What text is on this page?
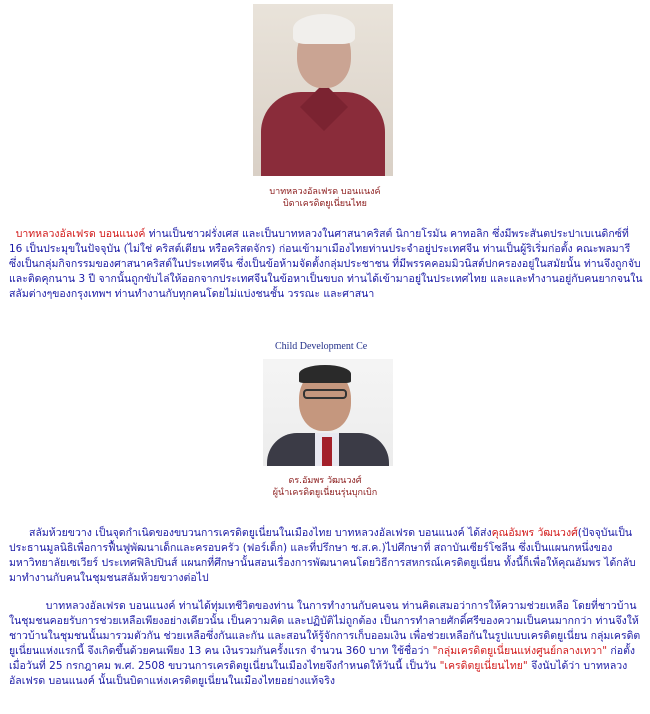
บาทหลวงอัลเฟรด บอนแนงค์
บิดาเครดิตยูเนี่ยนไทย
บาทหลวงอัลเฟรด บอนแนงค์ ท่านเป็นชาวฝรั่งเศส และเป็นบาทหลวงในศาสนาคริสต์ นิกายโรมัน คาทอลิก ซึ่งมีพระสันตประปาเบเนดิกซ์ที่ 16 เป็นประมุขในปัจจุบัน (ไม่ใช่ คริสต์เตียน หรือคริสตจักร) ก่อนเข้ามาเมืองไทยท่านประจำอยู่ประเทศจีน ท่านเป็นผู้ริเริ่มก่อตั้ง คณะพลมารี ซึ่งเป็นกลุ่มกิจกรรมของศาสนาคริสต์ในประเทศจีน ซึ่งเป็นข้อห้ามจัดตั้งกลุ่มประชาชน ที่มีพรรคคอมมิวนิสต์ปกครองอยู่ในสมัยนั้น ท่านจึงถูกจับและติดคุกนาน 3 ปี จากนั้นถูกขับไล่ให้ออกจากประเทศจีนในข้อหาเป็นขบถ ท่านได้เข้ามาอยู่ในประเทศไทย และและทำงานอยู่กับคนยากจนในสลัมต่างๆของกรุงเทพฯ ท่านทำงานกับทุกคนโดยไม่แบ่งชนชั้น วรรณะ และศาสนา
Child Development Ce
ดร.อัมพร วัฒนวงศ์
ผู้นำเครดิตยูเนี่ยนรุ่นบุกเบิก
สลัมห้วยขวาง เป็นจุดกำเนิดของขบวนการเครดิตยูเนี่ยนในเมืองไทย บาทหลวงอัลเฟรด บอนแนงค์ ได้ส่งคุณอัมพร วัฒนวงศ์(ปัจจุบันเป็นประธานมูลนิธิเพื่อการฟื้นฟูพัฒนาเด็กและครอบครัว (ฟอร์เด็ก) และที่ปรึกษา ช.ส.ค.)ไปศึกษาที่ สถาบันเซียร์โซลีน ซึ่งเป็นแผนกหนึ่งของ มหาวิทยาลัยเซเวียร์ ประเทศฟิลิปปินส์ แผนกที่ศึกษานั้นสอนเรื่องการพัฒนาคนโดยวิธีการสหกรณ์เครดิตยูเนี่ยน ทั้งนี้ก็เพื่อให้คุณอัมพร ได้กลับมาทำงานกับคนในชุมชนสลัมห้วยขวางต่อไป
บาทหลวงอัลเฟรด บอนแนงค์ ท่านได้ทุ่มเทชีวิตของท่าน ในการทำงานกับคนจน ท่านคิดเสมอว่าการให้ความช่วยเหลือ โดยที่ชาวบ้านในชุมชนคอยรับการช่วยเหลือเพียงอย่างเดียวนั้น เป็นความคิด และปฏิบัติไม่ถูกต้อง เป็นการทำลายศักดิ์ศรีของความเป็นคนมากกว่า ท่านจึงให้ชาวบ้านในชุมชนนั้นมารวมตัวกัน ช่วยเหลือซึ่งกันและกัน และสอนให้รู้จักการเก็บออมเงิน เพื่อช่วยเหลือกันในรูปแบบเครดิตยูเนี่ยน กลุ่มเครดิตยูเนี่ยนแห่งแรกนี้ จึงเกิดขึ้นด้วยคนเพียง 13 คน เงินรวมกันครั้งแรก จำนวน 360 บาท ใช้ชื่อว่า "กลุ่มเครดิตยูเนี่ยนแห่งศูนย์กลางเทวา" ก่อตั้งเมื่อวันที่ 25 กรกฎาคม พ.ศ. 2508 ขบวนการเครดิตยูเนี่ยนในเมืองไทยจึงกำหนดให้วันนี้ เป็นวัน "เครดิตยูเนี่ยนไทย" จึงนับได้ว่า บาทหลวงอัลเฟรด บอนแนงค์ นั้นเป็นบิดาแห่งเครดิตยูเนี่ยนในเมืองไทยอย่างแท้จริง
